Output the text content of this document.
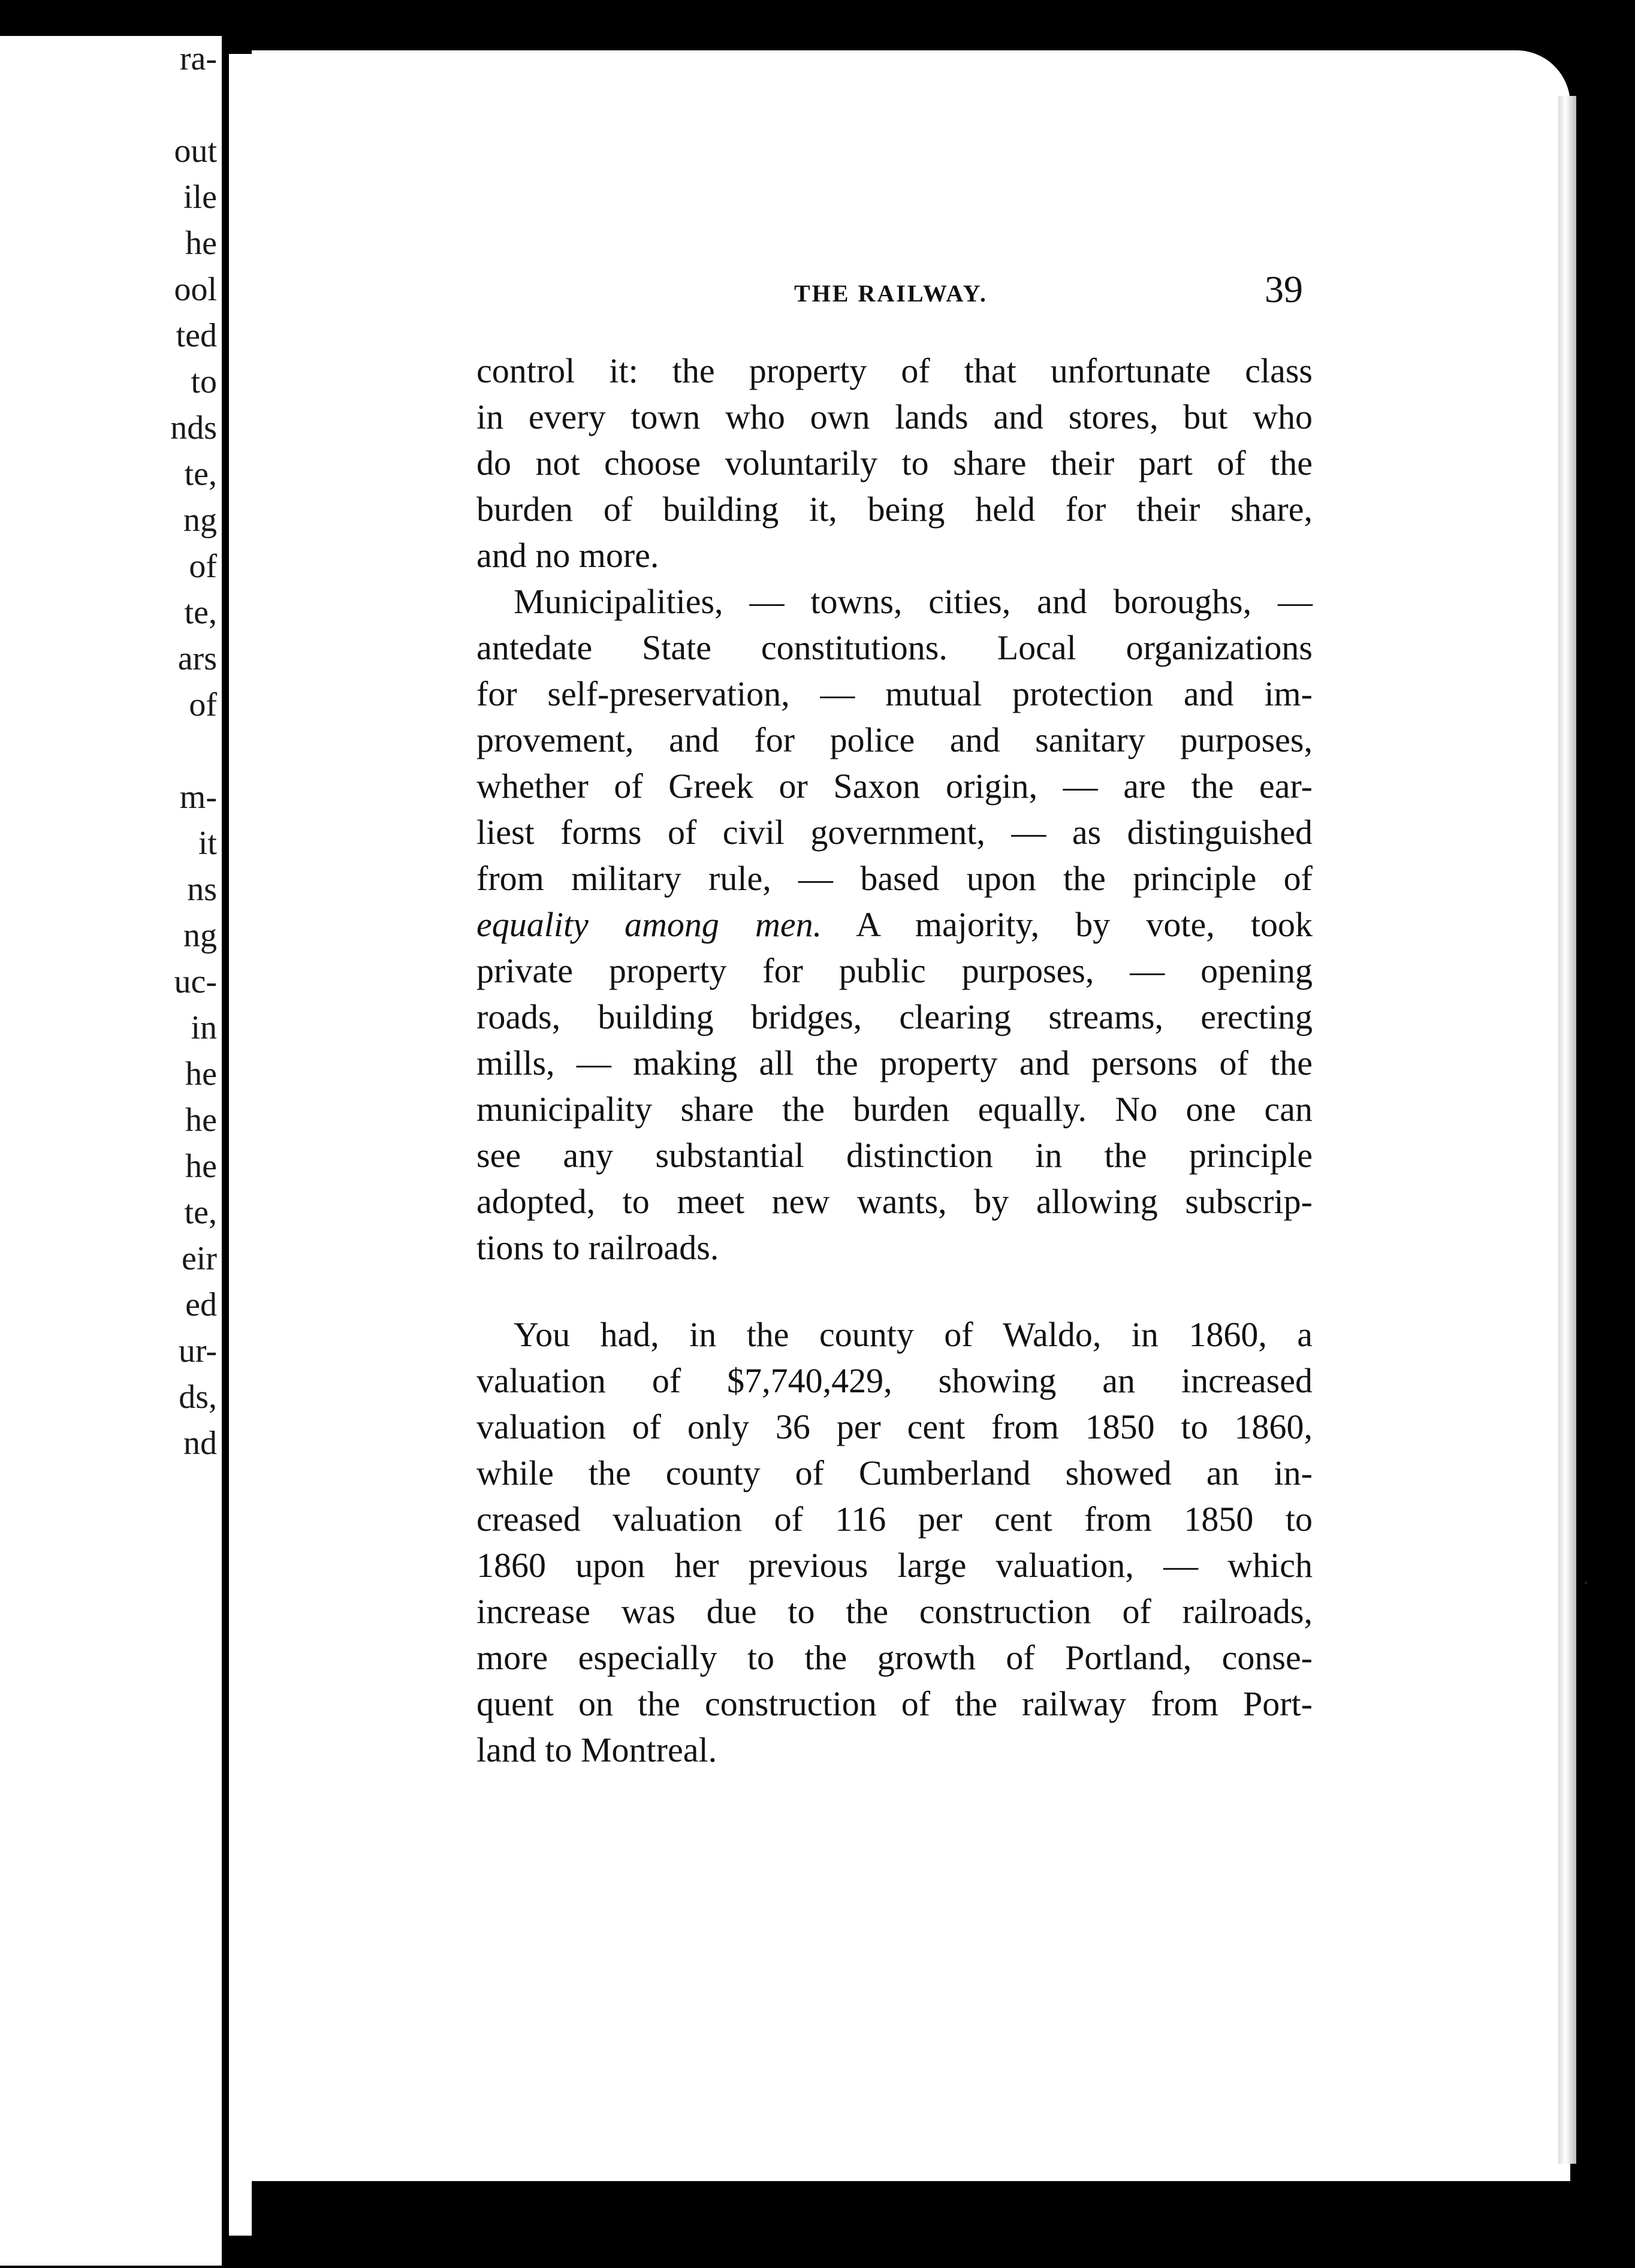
ra-
out
ile
he
ool
ted
to
nds
te,
ng
of
te,
ars
of
m-
it
ns
ng
uc-
in
he
he
he
te,
eir
ed
ur-
ds,
nd
THE RAILWAY.	39

control it: the property of that unfortunate class
in every town who own lands and stores, but who
do not choose voluntarily to share their part of the
burden of building it, being held for their share,
and no more.

Municipalities, — towns, cities, and boroughs, —
antedate State constitutions. Local organizations
for self-preservation, — mutual protection and im-
provement, and for police and sanitary purposes,
whether of Greek or Saxon origin, — are the ear-
liest forms of civil government, — as distinguished
from military rule, — based upon the principle of
equality among men. A majority, by vote, took
private property for public purposes, — opening
roads, building bridges, clearing streams, erecting
mills, — making all the property and persons of the
municipality share the burden equally. No one can
see any substantial distinction in the principle
adopted, to meet new wants, by allowing subscrip-
tions to railroads.

You had, in the county of Waldo, in 1860, a
valuation of $7,740,429, showing an increased
valuation of only 36 per cent from 1850 to 1860,
while the county of Cumberland showed an in-
creased valuation of 116 per cent from 1850 to
1860 upon her previous large valuation, — which
increase was due to the construction of railroads,
more especially to the growth of Portland, conse-
quent on the construction of the railway from Port-
land to Montreal.

·
